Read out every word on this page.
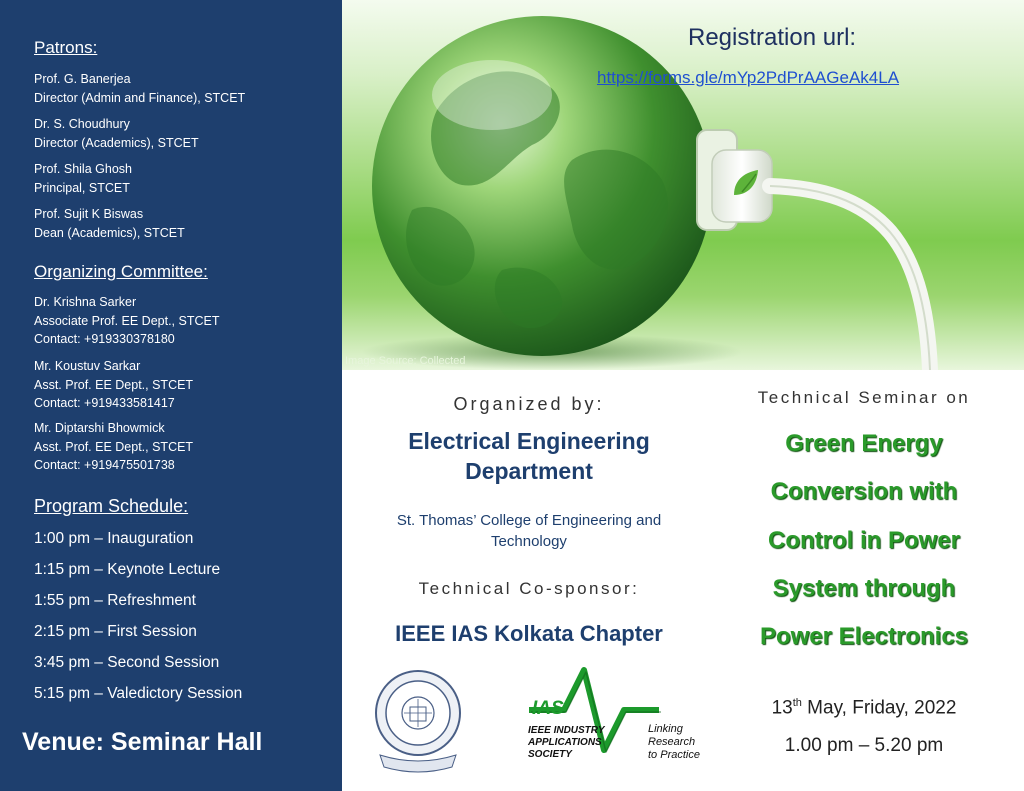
Patrons:
Prof. G. Banerjea
Director (Admin and Finance), STCET
Dr. S. Choudhury
Director (Academics), STCET
Prof. Shila Ghosh
Principal, STCET
Prof. Sujit K Biswas
Dean (Academics), STCET
Organizing Committee:
Dr. Krishna Sarker
Associate Prof. EE Dept., STCET
Contact: +919330378180
Mr. Koustuv Sarkar
Asst. Prof. EE Dept., STCET
Contact: +919433581417
Mr. Diptarshi Bhowmick
Asst. Prof. EE Dept., STCET
Contact: +919475501738
Program Schedule:
1:00 pm – Inauguration
1:15 pm – Keynote Lecture
1:55 pm – Refreshment
2:15 pm – First Session
3:45 pm – Second Session
5:15 pm – Valedictory Session
Venue: Seminar Hall
Registration url:
https://forms.gle/mYp2PdPrAAGeAk4LA
Image Source: Collected
Organized by:
Electrical Engineering
Department
St. Thomas’ College of Engineering and
Technology
Technical Co-sponsor:
IEEE IAS Kolkata Chapter
IAS
IEEE INDUSTRY
APPLICATIONS
SOCIETY
Linking
Research
to Practice
Technical Seminar on
Green Energy
Conversion with
Control in Power
System through
Power Electronics
13th May, Friday, 2022
1.00 pm – 5.20 pm
